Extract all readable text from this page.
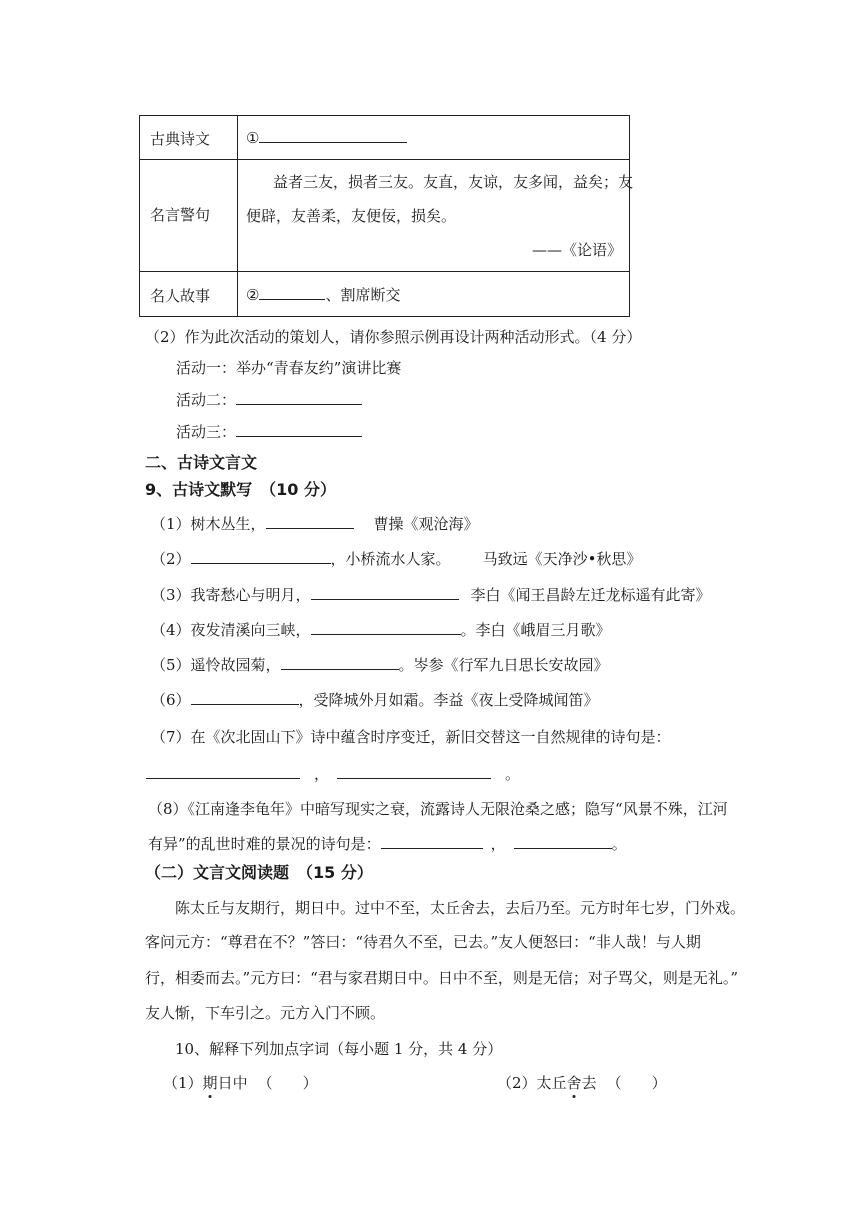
古典诗文 ①
名言警句
益者三友，损者三友。友直，友谅，友多闻，益矣；友
便辟，友善柔，友便佞，损矣。
——《论语》
名人故事 ②	、割席断交
（2）作为此次活动的策划人，请你参照示例再设计两种活动形式。（4 分）
活动一：举办“青春友约”演讲比赛
活动二：
活动三：
二、古诗文言文
9、古诗文默写　（10 分）
（1）树木丛生，	曹操《观沧海》
（2）	，小桥流水人家。 马致远《天净沙•秋思》
（3）我寄愁心与明月，	李白《闻王昌龄左迁龙标遥有此寄》
（4）夜发清溪向三峡，	。李白《峨眉三月歌》
（5）遥怜故园菊，	。岑参《行军九日思长安故园》
（6）	，受降城外月如霜。李益《夜上受降城闻笛》
（7）在《次北固山下》诗中蕴含时序变迁，新旧交替这一自然规律的诗句是：
，	。
（8）《江南逢李龟年》中暗写现实之衰，流露诗人无限沧桑之感；隐写“风景不殊，江河
有异”的乱世时难的景况的诗句是：	，	。
（二）文言文阅读题　（15 分）
陈太丘与友期行，期日中。过中不至，太丘舍去，去后乃至。元方时年七岁，门外戏。
客问元方：“尊君在不？”答曰：“待君久不至，已去。”友人便怒曰：“非人哉！与人期
行，相委而去。”元方曰：“君与家君期日中。日中不至，则是无信；对子骂父，则是无礼。”
友人惭，下车引之。元方入门不顾。
10、解释下列加点字词（每小题 1 分，共 4 分）
（1）期日中 （　　）	（2）太丘舍去 （　　）
